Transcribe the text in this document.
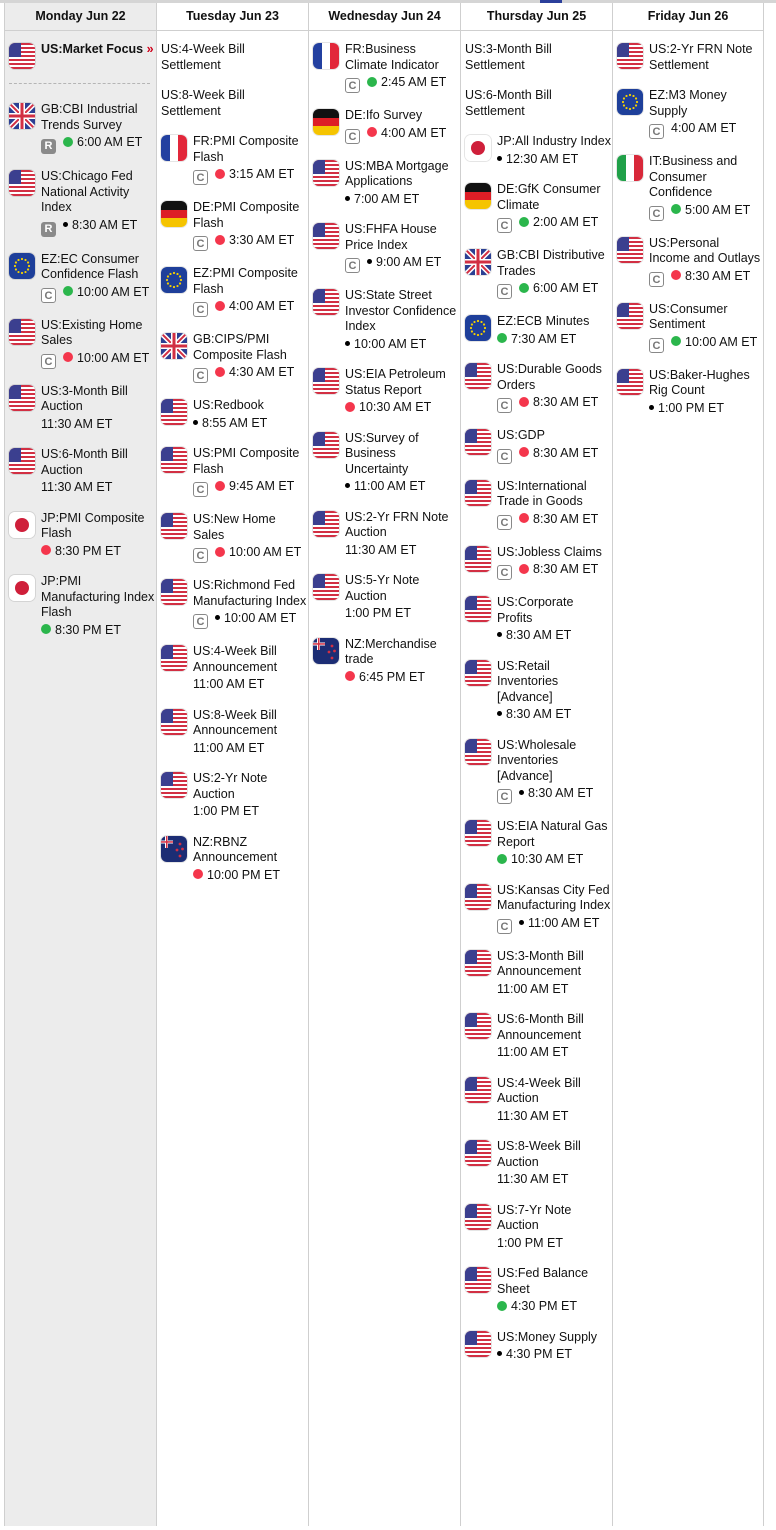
Monday Jun 22
US:Market Focus »
GB:CBI Industrial Trends Survey
R 6:00 AM ET
US:Chicago Fed National Activity Index
R 8:30 AM ET
EZ:EC Consumer Confidence Flash
C 10:00 AM ET
US:Existing Home Sales
C 10:00 AM ET
US:3-Month Bill Auction
11:30 AM ET
US:6-Month Bill Auction
11:30 AM ET
JP:PMI Composite Flash
8:30 PM ET
JP:PMI Manufacturing Index Flash
8:30 PM ET
Tuesday Jun 23
US:4-Week Bill Settlement
US:8-Week Bill Settlement
FR:PMI Composite Flash
C 3:15 AM ET
DE:PMI Composite Flash
C 3:30 AM ET
EZ:PMI Composite Flash
C 4:00 AM ET
GB:CIPS/PMI Composite Flash
C 4:30 AM ET
US:Redbook
8:55 AM ET
US:PMI Composite Flash
C 9:45 AM ET
US:New Home Sales
C 10:00 AM ET
US:Richmond Fed Manufacturing Index
C 10:00 AM ET
US:4-Week Bill Announcement
11:00 AM ET
US:8-Week Bill Announcement
11:00 AM ET
US:2-Yr Note Auction
1:00 PM ET
NZ:RBNZ Announcement
10:00 PM ET
Wednesday Jun 24
FR:Business Climate Indicator
C 2:45 AM ET
DE:Ifo Survey
C 4:00 AM ET
US:MBA Mortgage Applications
7:00 AM ET
US:FHFA House Price Index
C 9:00 AM ET
US:State Street Investor Confidence Index
10:00 AM ET
US:EIA Petroleum Status Report
10:30 AM ET
US:Survey of Business Uncertainty
11:00 AM ET
US:2-Yr FRN Note Auction
11:30 AM ET
US:5-Yr Note Auction
1:00 PM ET
NZ:Merchandise trade
6:45 PM ET
Thursday Jun 25
US:3-Month Bill Settlement
US:6-Month Bill Settlement
JP:All Industry Index
12:30 AM ET
DE:GfK Consumer Climate
C 2:00 AM ET
GB:CBI Distributive Trades
C 6:00 AM ET
EZ:ECB Minutes
7:30 AM ET
US:Durable Goods Orders
C 8:30 AM ET
US:GDP
C 8:30 AM ET
US:International Trade in Goods
C 8:30 AM ET
US:Jobless Claims
C 8:30 AM ET
US:Corporate Profits
8:30 AM ET
US:Retail Inventories [Advance]
8:30 AM ET
US:Wholesale Inventories [Advance]
C 8:30 AM ET
US:EIA Natural Gas Report
10:30 AM ET
US:Kansas City Fed Manufacturing Index
C 11:00 AM ET
US:3-Month Bill Announcement
11:00 AM ET
US:6-Month Bill Announcement
11:00 AM ET
US:4-Week Bill Auction
11:30 AM ET
US:8-Week Bill Auction
11:30 AM ET
US:7-Yr Note Auction
1:00 PM ET
US:Fed Balance Sheet
4:30 PM ET
US:Money Supply
4:30 PM ET
Friday Jun 26
US:2-Yr FRN Note Settlement
EZ:M3 Money Supply
C 4:00 AM ET
IT:Business and Consumer Confidence
C 5:00 AM ET
US:Personal Income and Outlays
C 8:30 AM ET
US:Consumer Sentiment
C 10:00 AM ET
US:Baker-Hughes Rig Count
1:00 PM ET
